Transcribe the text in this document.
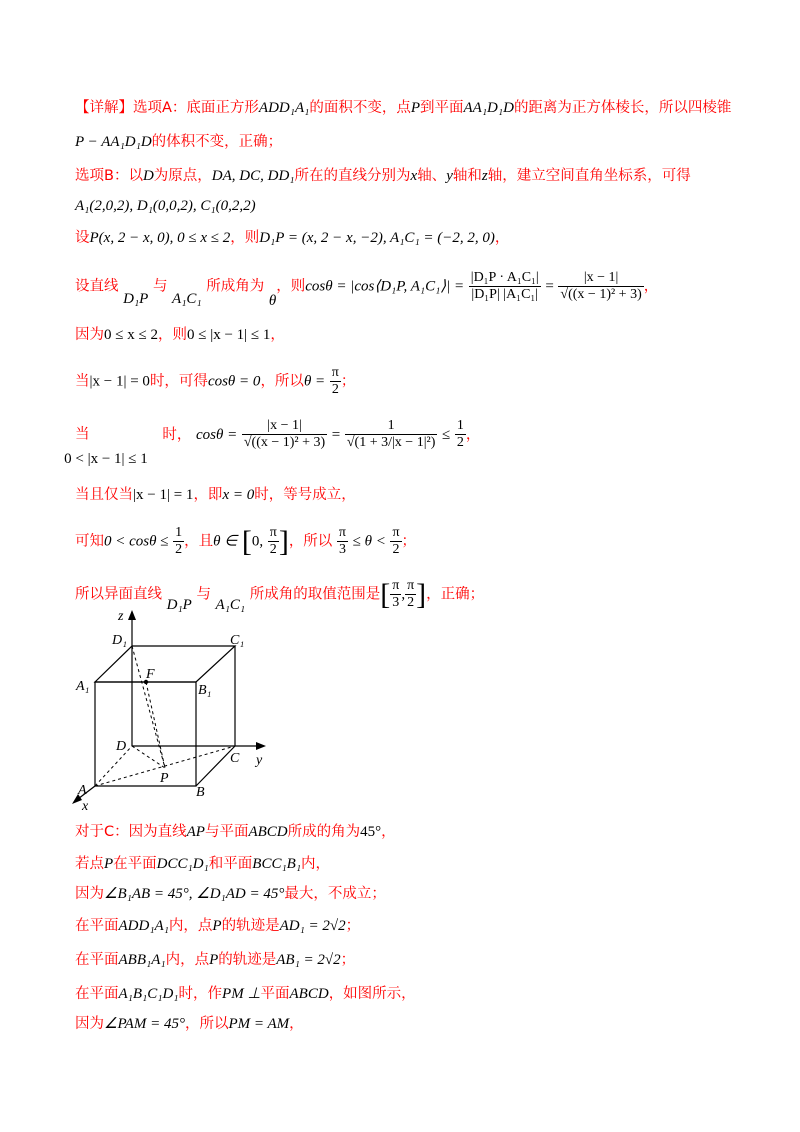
【详解】选项A：底面正方形ADD₁A₁的面积不变，点P到平面AA₁D₁D的距离为正方体棱长，所以四棱锥
P − AA₁D₁D的体积不变，正确；
选项B：以D为原点，DA, DC, DD₁所在的直线分别为x轴、y轴和z轴，建立空间直角坐标系，可得
A₁(2,0,2), D₁(0,0,2), C₁(0,2,2)
设P(x, 2 − x, 0), 0 ≤ x ≤ 2，则D₁P = (x, 2 − x, −2), A₁C₁ = (−2, 2, 0)，
设直线 D₁P 与 A₁C₁ 所成角为 θ，则cosθ = |cos⟨D₁P, A₁C₁⟩| = $\frac{\text{|D₁P · A₁C₁|}}{\text{|D₁P| |A₁C₁|}} = \frac{|x - 1|}{\text{√((x − 1)² + 3)}}$ ，
因为0 ≤ x ≤ 2，则0 ≤ |x − 1| ≤ 1，
当|x − 1| = 0时，可得cosθ = 0，所以$\theta = \frac{\pi}{2}$ ；
当 0 < |x − 1| ≤ 1 时， $\cos\theta = \frac{|x - 1|}{\text{√((x − 1)² + 3)}} = \frac{1}{\text{√(1 + 3/|x − 1|²)}} \le \frac{1}{2}$ ，
当且仅当|x − 1| = 1，即x = 0时，等号成立，
可知$0 < \cos\theta \le \frac{1}{2}$ ，且θ ∈ [0, $\frac{\pi}{2}$ ]，所以 $\frac{\pi}{3} \le \theta < \frac{\pi}{2}$ ；
所以异面直线 D₁P 与 A₁C₁ 所成角的取值范围是[ $\frac{\pi}{3}$ , $\frac{\pi}{2}$ ]，正确；
z
y
x
D₁	C₁
A₁	B₁
F
D
C
A	B
P
对于C：因为直线AP与平面ABCD所成的角为45°，
若点P在平面DCC₁D₁和平面BCC₁B₁内，
因为∠B₁AB = 45°, ∠D₁AD = 45°最大，不成立；
在平面ADD₁A₁内，点P的轨迹是AD₁ = 2√2；
在平面ABB₁A₁内，点P的轨迹是AB₁ = 2√2；
在平面A₁B₁C₁D₁时，作PM ⊥平面ABCD，如图所示，
因为∠PAM = 45°，所以PM = AM，
